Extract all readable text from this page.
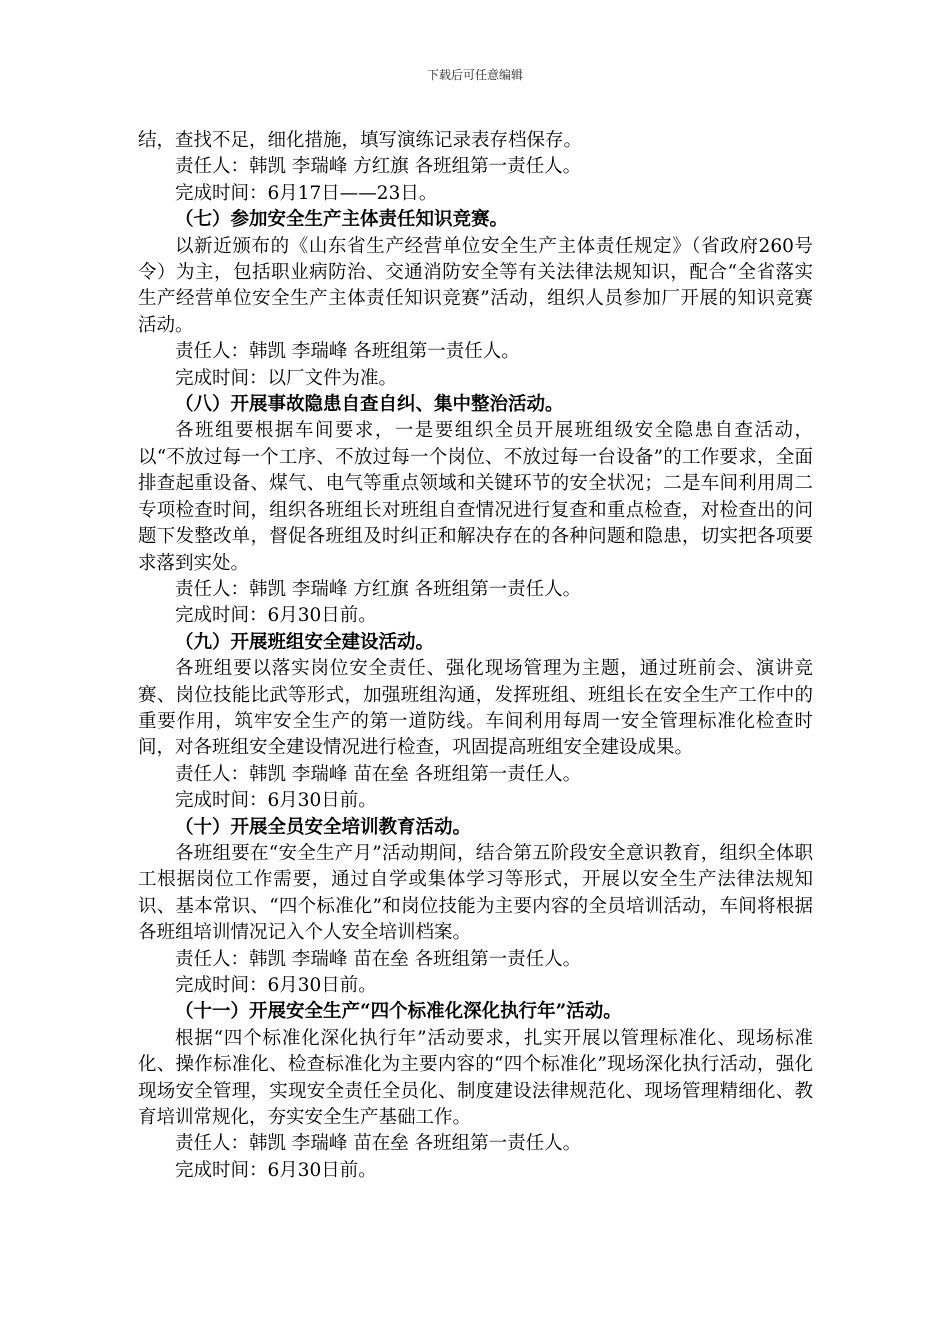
下载后可任意编辑

结，查找不足，细化措施，填写演练记录表存档保存。

责任人：韩凯 李瑞峰 方红旗 各班组第一责任人。

完成时间：6月17日——23日。

（七）参加安全生产主体责任知识竞赛。

以新近颁布的《山东省生产经营单位安全生产主体责任规定》（省政府260号令）为主，包括职业病防治、交通消防安全等有关法律法规知识，配合“全省落实生产经营单位安全生产主体责任知识竞赛”活动，组织人员参加厂开展的知识竞赛活动。

责任人：韩凯 李瑞峰 各班组第一责任人。

完成时间：以厂文件为准。

（八）开展事故隐患自查自纠、集中整治活动。

各班组要根据车间要求，一是要组织全员开展班组级安全隐患自查活动，以“不放过每一个工序、不放过每一个岗位、不放过每一台设备”的工作要求，全面排查起重设备、煤气、电气等重点领域和关键环节的安全状况；二是车间利用周二专项检查时间，组织各班组长对班组自查情况进行复查和重点检查，对检查出的问题下发整改单，督促各班组及时纠正和解决存在的各种问题和隐患，切实把各项要求落到实处。

责任人：韩凯 李瑞峰 方红旗 各班组第一责任人。

完成时间：6月30日前。

（九）开展班组安全建设活动。

各班组要以落实岗位安全责任、强化现场管理为主题，通过班前会、演讲竞赛、岗位技能比武等形式，加强班组沟通，发挥班组、班组长在安全生产工作中的重要作用，筑牢安全生产的第一道防线。车间利用每周一安全管理标准化检查时间，对各班组安全建设情况进行检查，巩固提高班组安全建设成果。

责任人：韩凯 李瑞峰 苗在垒 各班组第一责任人。

完成时间：6月30日前。

（十）开展全员安全培训教育活动。

各班组要在“安全生产月”活动期间，结合第五阶段安全意识教育，组织全体职工根据岗位工作需要，通过自学或集体学习等形式，开展以安全生产法律法规知识、基本常识、“四个标准化”和岗位技能为主要内容的全员培训活动，车间将根据各班组培训情况记入个人安全培训档案。

责任人：韩凯 李瑞峰 苗在垒 各班组第一责任人。

完成时间：6月30日前。

（十一）开展安全生产“四个标准化深化执行年”活动。

根据“四个标准化深化执行年”活动要求，扎实开展以管理标准化、现场标准化、操作标准化、检查标准化为主要内容的“四个标准化”现场深化执行活动，强化现场安全管理，实现安全责任全员化、制度建设法律规范化、现场管理精细化、教育培训常规化，夯实安全生产基础工作。

责任人：韩凯 李瑞峰 苗在垒 各班组第一责任人。

完成时间：6月30日前。
